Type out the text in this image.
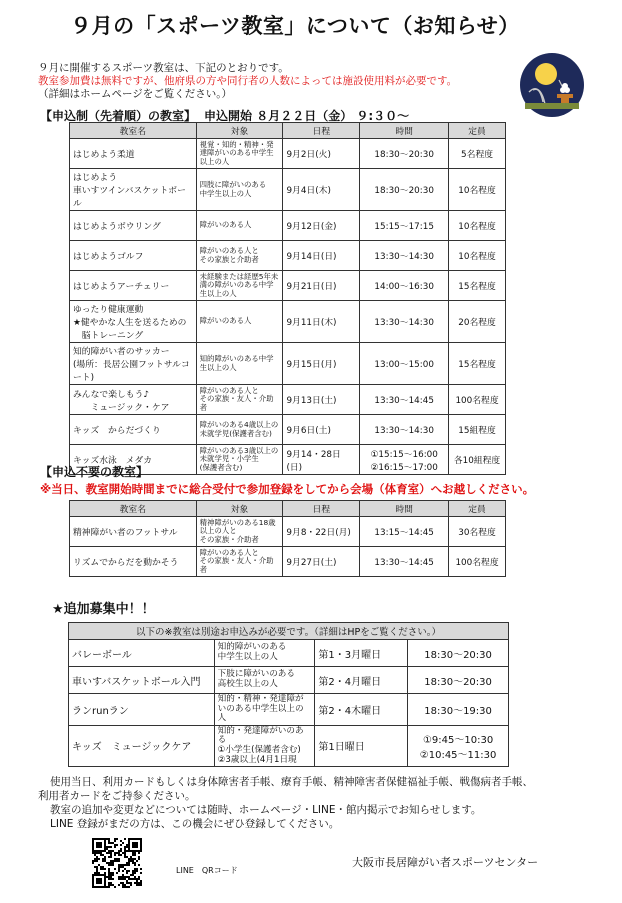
９月の「スポーツ教室」について（お知らせ）
９月に開催するスポーツ教室は、下記のとおりです。
教室参加費は無料ですが、他府県の方や同行者の人数によっては施設使用料が必要です。
（詳細はホームページをご覧ください。）
【申込制（先着順）の教室】 申込開始 ８月２２日（金） ９:３０～
教室名	対象	日程	時間	定員
はじめよう柔道	視覚・知的・精神・発達障がいのある中学生以上の人	9月2日(火)	18:30～20:30	5名程度
はじめよう
車いすツインバスケットボール	四肢に障がいのある
中学生以上の人	9月4日(木)	18:30～20:30	10名程度
はじめようボウリング	障がいのある人	9月12日(金)	15:15～17:15	10名程度
はじめようゴルフ	障がいのある人と
その家族と介助者	9月14日(日)	13:30～14:30	10名程度
はじめようアーチェリー	未経験または経歴5年未満の障がいのある中学生以上の人	9月21日(日)	14:00～16:30	15名程度
ゆったり健康運動
★健やかな人生を送るための
　脳トレーニング	障がいのある人	9月11日(木)	13:30～14:30	20名程度
知的障がい者のサッカー
(場所：長居公園フットサルコート)	知的障がいのある中学生以上の人	9月15日(月)	13:00～15:00	15名程度
みんなで楽しもう♪
　　ミュージック・ケア	障がいのある人と
その家族・友人・介助者	9月13日(土)	13:30～14:45	100名程度
キッズ　からだづくり	障がいのある4歳以上の未就学児(保護者含む)	9月6日(土)	13:30～14:30	15組程度
キッズ水泳　メダカ	障がいのある3歳以上の未就学児・小学生
(保護者含む)	9月14・28日(日)	①15:15～16:00
②16:15～17:00	各10組程度
【申込不要の教室】
※当日、教室開始時間までに総合受付で参加登録をしてから会場（体育室）へお越しください。
教室名	対象	日程	時間	定員
精神障がい者のフットサル	精神障がいのある18歳以上の人と
その家族・介助者	9月8・22日(月)	13:15～14:45	30名程度
リズムでからだを動かそう	障がいのある人と
その家族・友人・介助者	9月27日(土)	13:30～14:45	100名程度
★追加募集中！！
以下の※教室は別途お申込みが必要です。（詳細はHPをご覧ください。）			
バレーボール	知的障がいのある
中学生以上の人	第1・3月曜日	18:30～20:30
車いすバスケットボール入門	下肢に障がいのある
高校生以上の人	第2・4月曜日	18:30～20:30
ランrunラン	知的・精神・発達障がいのある中学生以上の人	第2・4木曜日	18:30～19:30
キッズ　ミュージックケア	知的・発達障がいのある
①小学生(保護者含む)
②3歳以上(4月1日現	第1日曜日	①9:45～10:30
②10:45～11:30

使用当日、利用カードもしくは身体障害者手帳、療育手帳、精神障害者保健福祉手帳、戦傷病者手帳、

利用者カードをご持参ください。

教室の追加や変更などについては随時、ホームページ・LINE・館内掲示でお知らせします。

LINE 登録がまだの方は、この機会にぜひ登録してください。

LINE　QRコード
大阪市長居障がい者スポーツセンター
